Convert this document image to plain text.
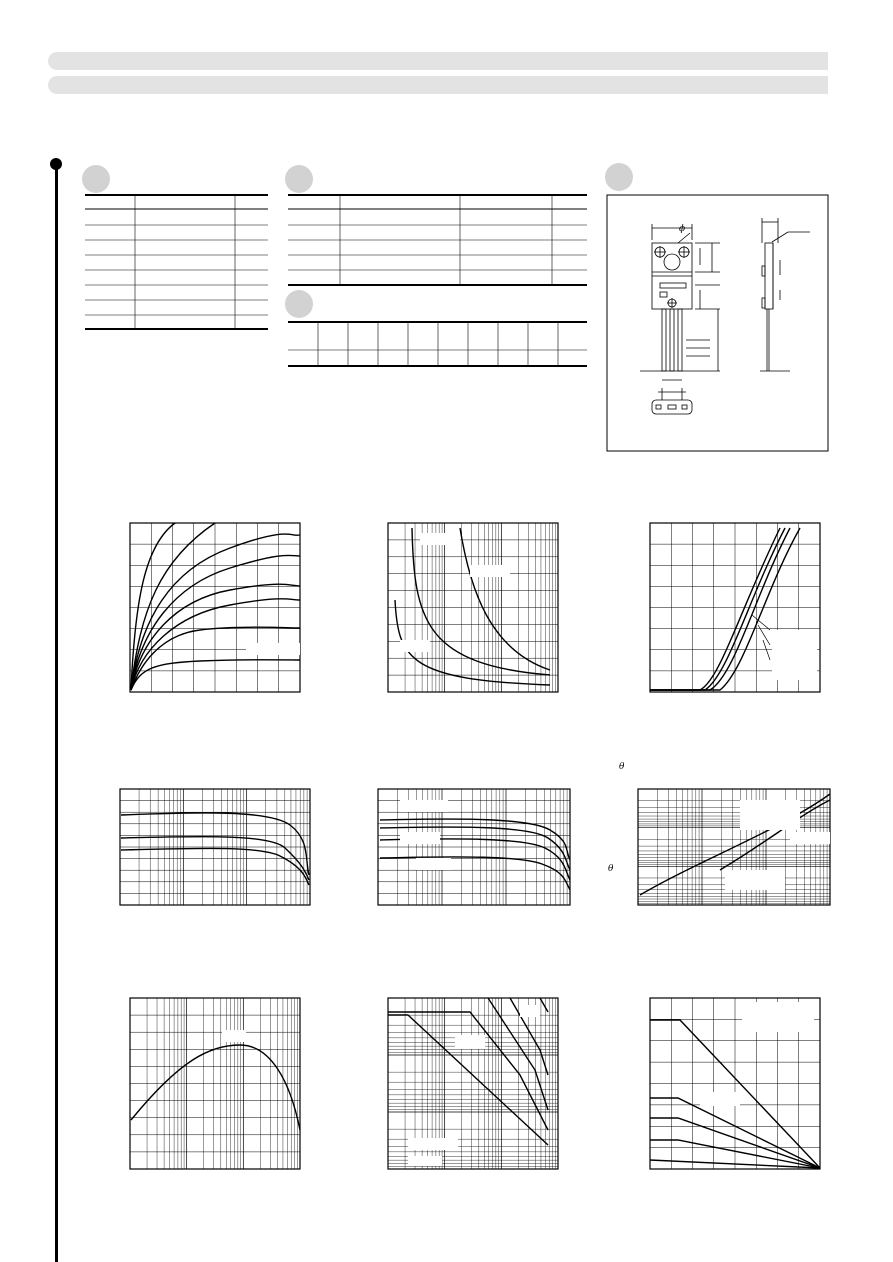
ϕ
θ
θ
